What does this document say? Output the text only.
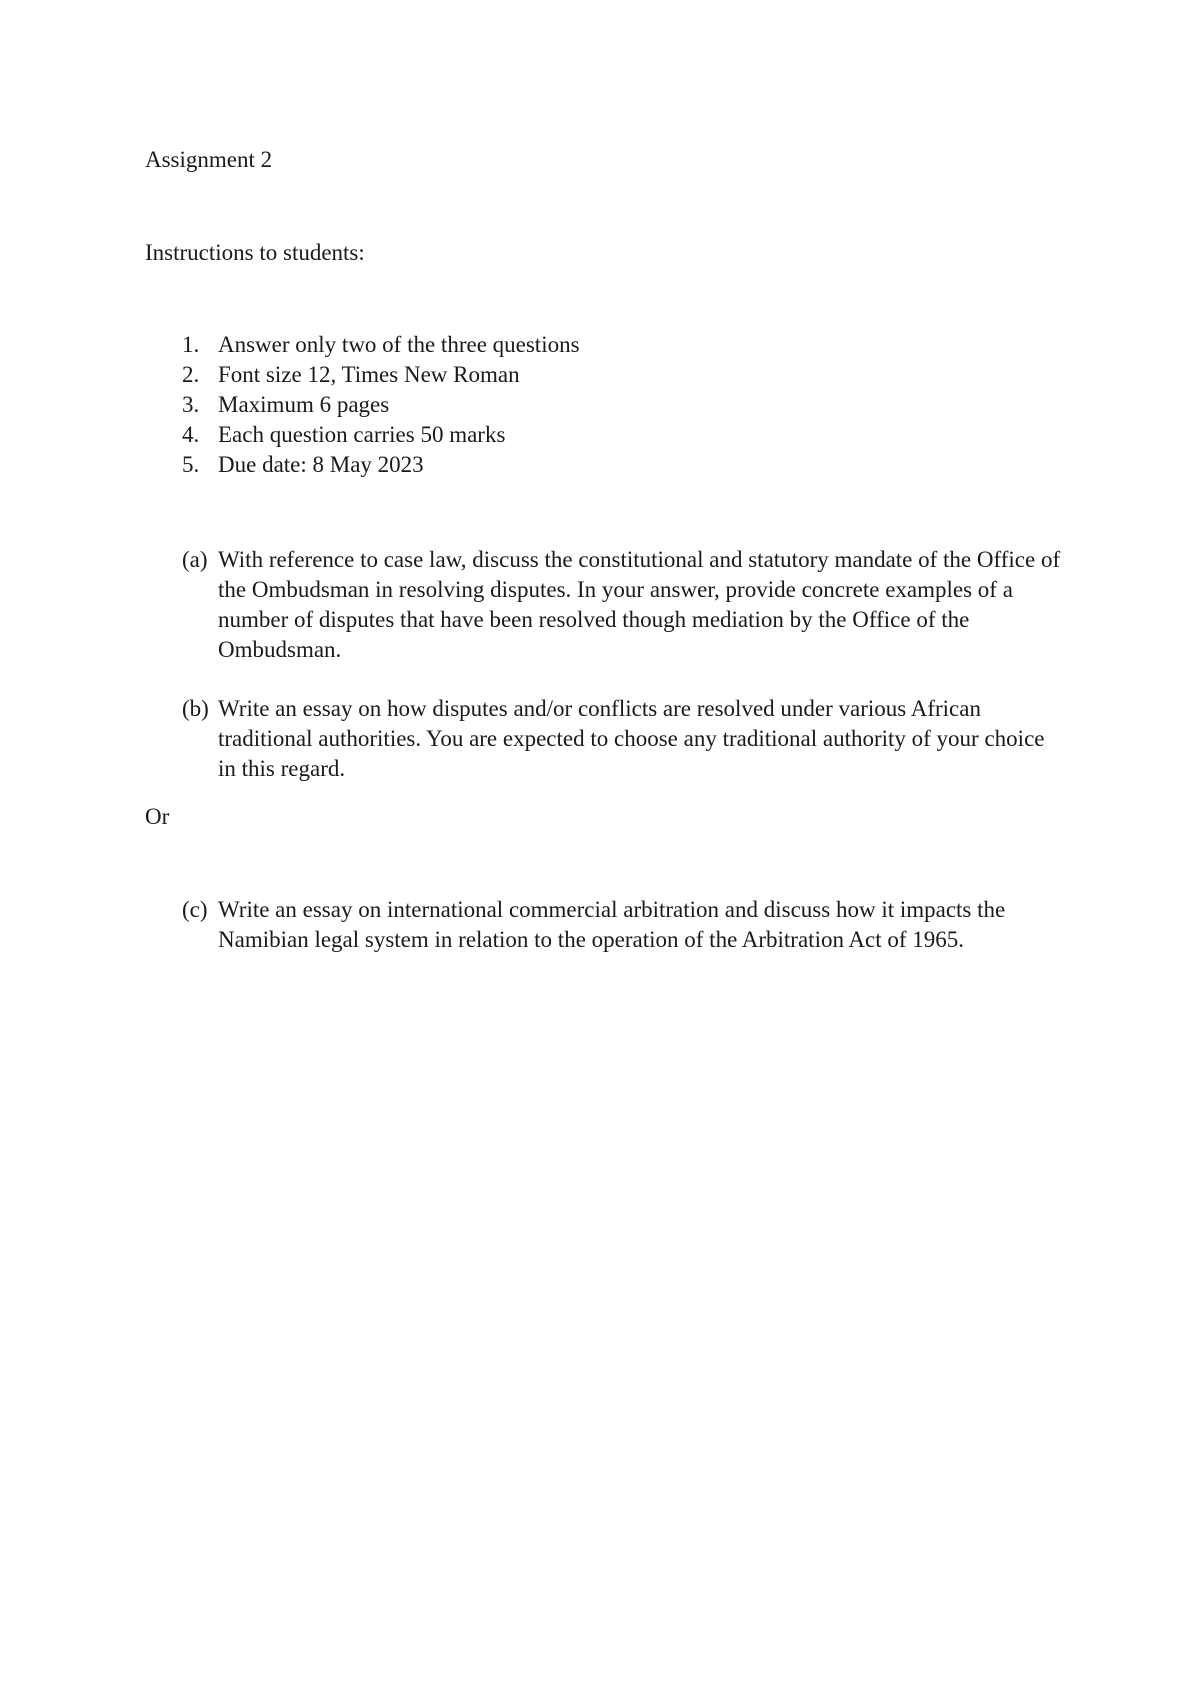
Assignment 2
Instructions to students:
1. Answer only two of the three questions
2. Font size 12, Times New Roman
3. Maximum 6 pages
4. Each question carries 50 marks
5. Due date: 8 May 2023
(a) With reference to case law, discuss the constitutional and statutory mandate of the Office of the Ombudsman in resolving disputes. In your answer, provide concrete examples of a number of disputes that have been resolved though mediation by the Office of the Ombudsman.
(b) Write an essay on how disputes and/or conflicts are resolved under various African traditional authorities. You are expected to choose any traditional authority of your choice in this regard.
Or
(c) Write an essay on international commercial arbitration and discuss how it impacts the Namibian legal system in relation to the operation of the Arbitration Act of 1965.
